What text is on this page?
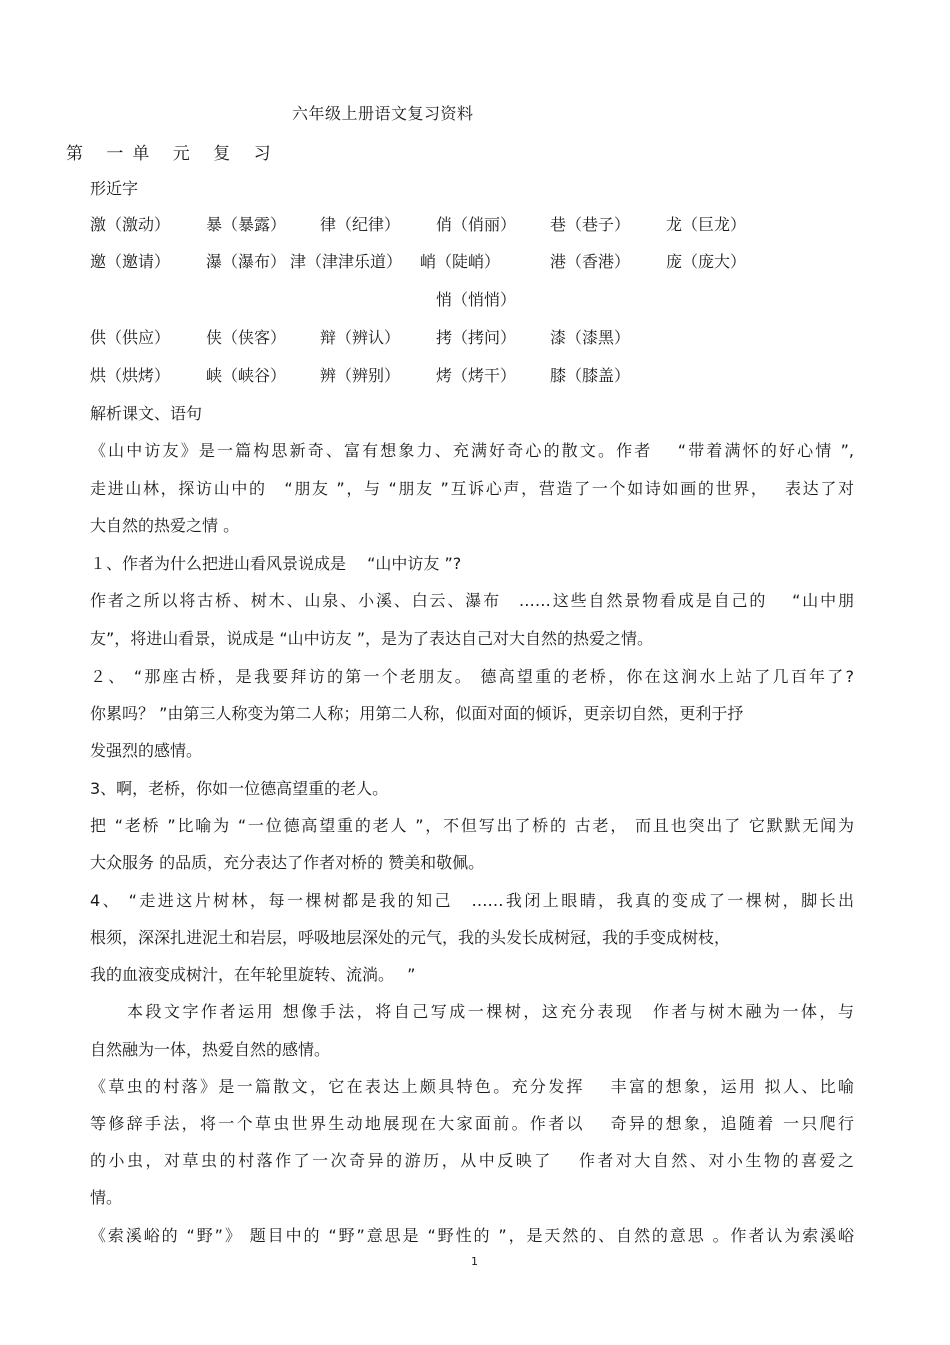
六年级上册语文复习资料
第 一单 元 复 习
形近字
激（激动） 暴（暴露） 律（纪律） 俏（俏丽） 巷（巷子） 龙（巨龙）
邀（邀请） 瀑（瀑布） 津（津津乐道） 峭（陡峭）	港（香港） 庞（庞大）
悄（悄悄）
供（供应） 侠（侠客） 辩（辨认） 拷（拷问） 漆（漆黑）
烘（烘烤） 峡（峡谷） 辨（辨别） 烤（烤干） 膝（膝盖）
解析课文、语句
《山中访友》是一篇构思新奇、富有想象力、充满好奇心的散文。作者　 “带着满怀的好心情 ”,
走进山林，探访山中的　“朋友 ”，与 “朋友 ”互诉心声，营造了一个如诗如画的世界，　 表达了对
大自然的热爱之情 。
１、作者为什么把进山看风景说成是　 “山中访友 ”?
作者之所以将古桥、树木、山泉、小溪、白云、瀑布　……这些自然景物看成是自己的　 “山中朋
友”，将进山看景，说成是 “山中访友 ”，是为了表达自己对大自然的热爱之情。
２、 “那座古桥，是我要拜访的第一个老朋友。 德高望重的老桥，你在这涧水上站了几百年了?
你累吗？ ”由第三人称变为第二人称；用第二人称，似面对面的倾诉，更亲切自然，更利于抒
发强烈的感情。
3、啊，老桥，你如一位德高望重的老人。
把 “老桥 ”比喻为 “一位德高望重的老人 ”，不但写出了桥的 古老， 而且也突出了 它默默无闻为
大众服务 的品质，充分表达了作者对桥的 赞美和敬佩。
4、 “走进这片树林，每一棵树都是我的知己　……我闭上眼睛，我真的变成了一棵树，脚长出
根须，深深扎进泥土和岩层，呼吸地层深处的元气，我的头发长成树冠，我的手变成树枝，
我的血液变成树汁，在年轮里旋转、流淌。　 ”
　　本段文字作者运用 想像手法，将自己写成一棵树，这充分表现　作者与树木融为一体，与
自然融为一体，热爱自然的感情。
《草虫的村落》是一篇散文，它在表达上颇具特色。充分发挥　 丰富的想象，运用 拟人、比喻
等修辞手法，将一个草虫世界生动地展现在大家面前。作者以　 奇异的想象，追随着 一只爬行
的小虫，对草虫的村落作了一次奇异的游历，从中反映了　 作者对大自然、对小生物的喜爱之
情。
《索溪峪的 “野”》 题目中的 “野”意思是 “野性的 ”，是天然的、自然的意思 。作者认为索溪峪
1
